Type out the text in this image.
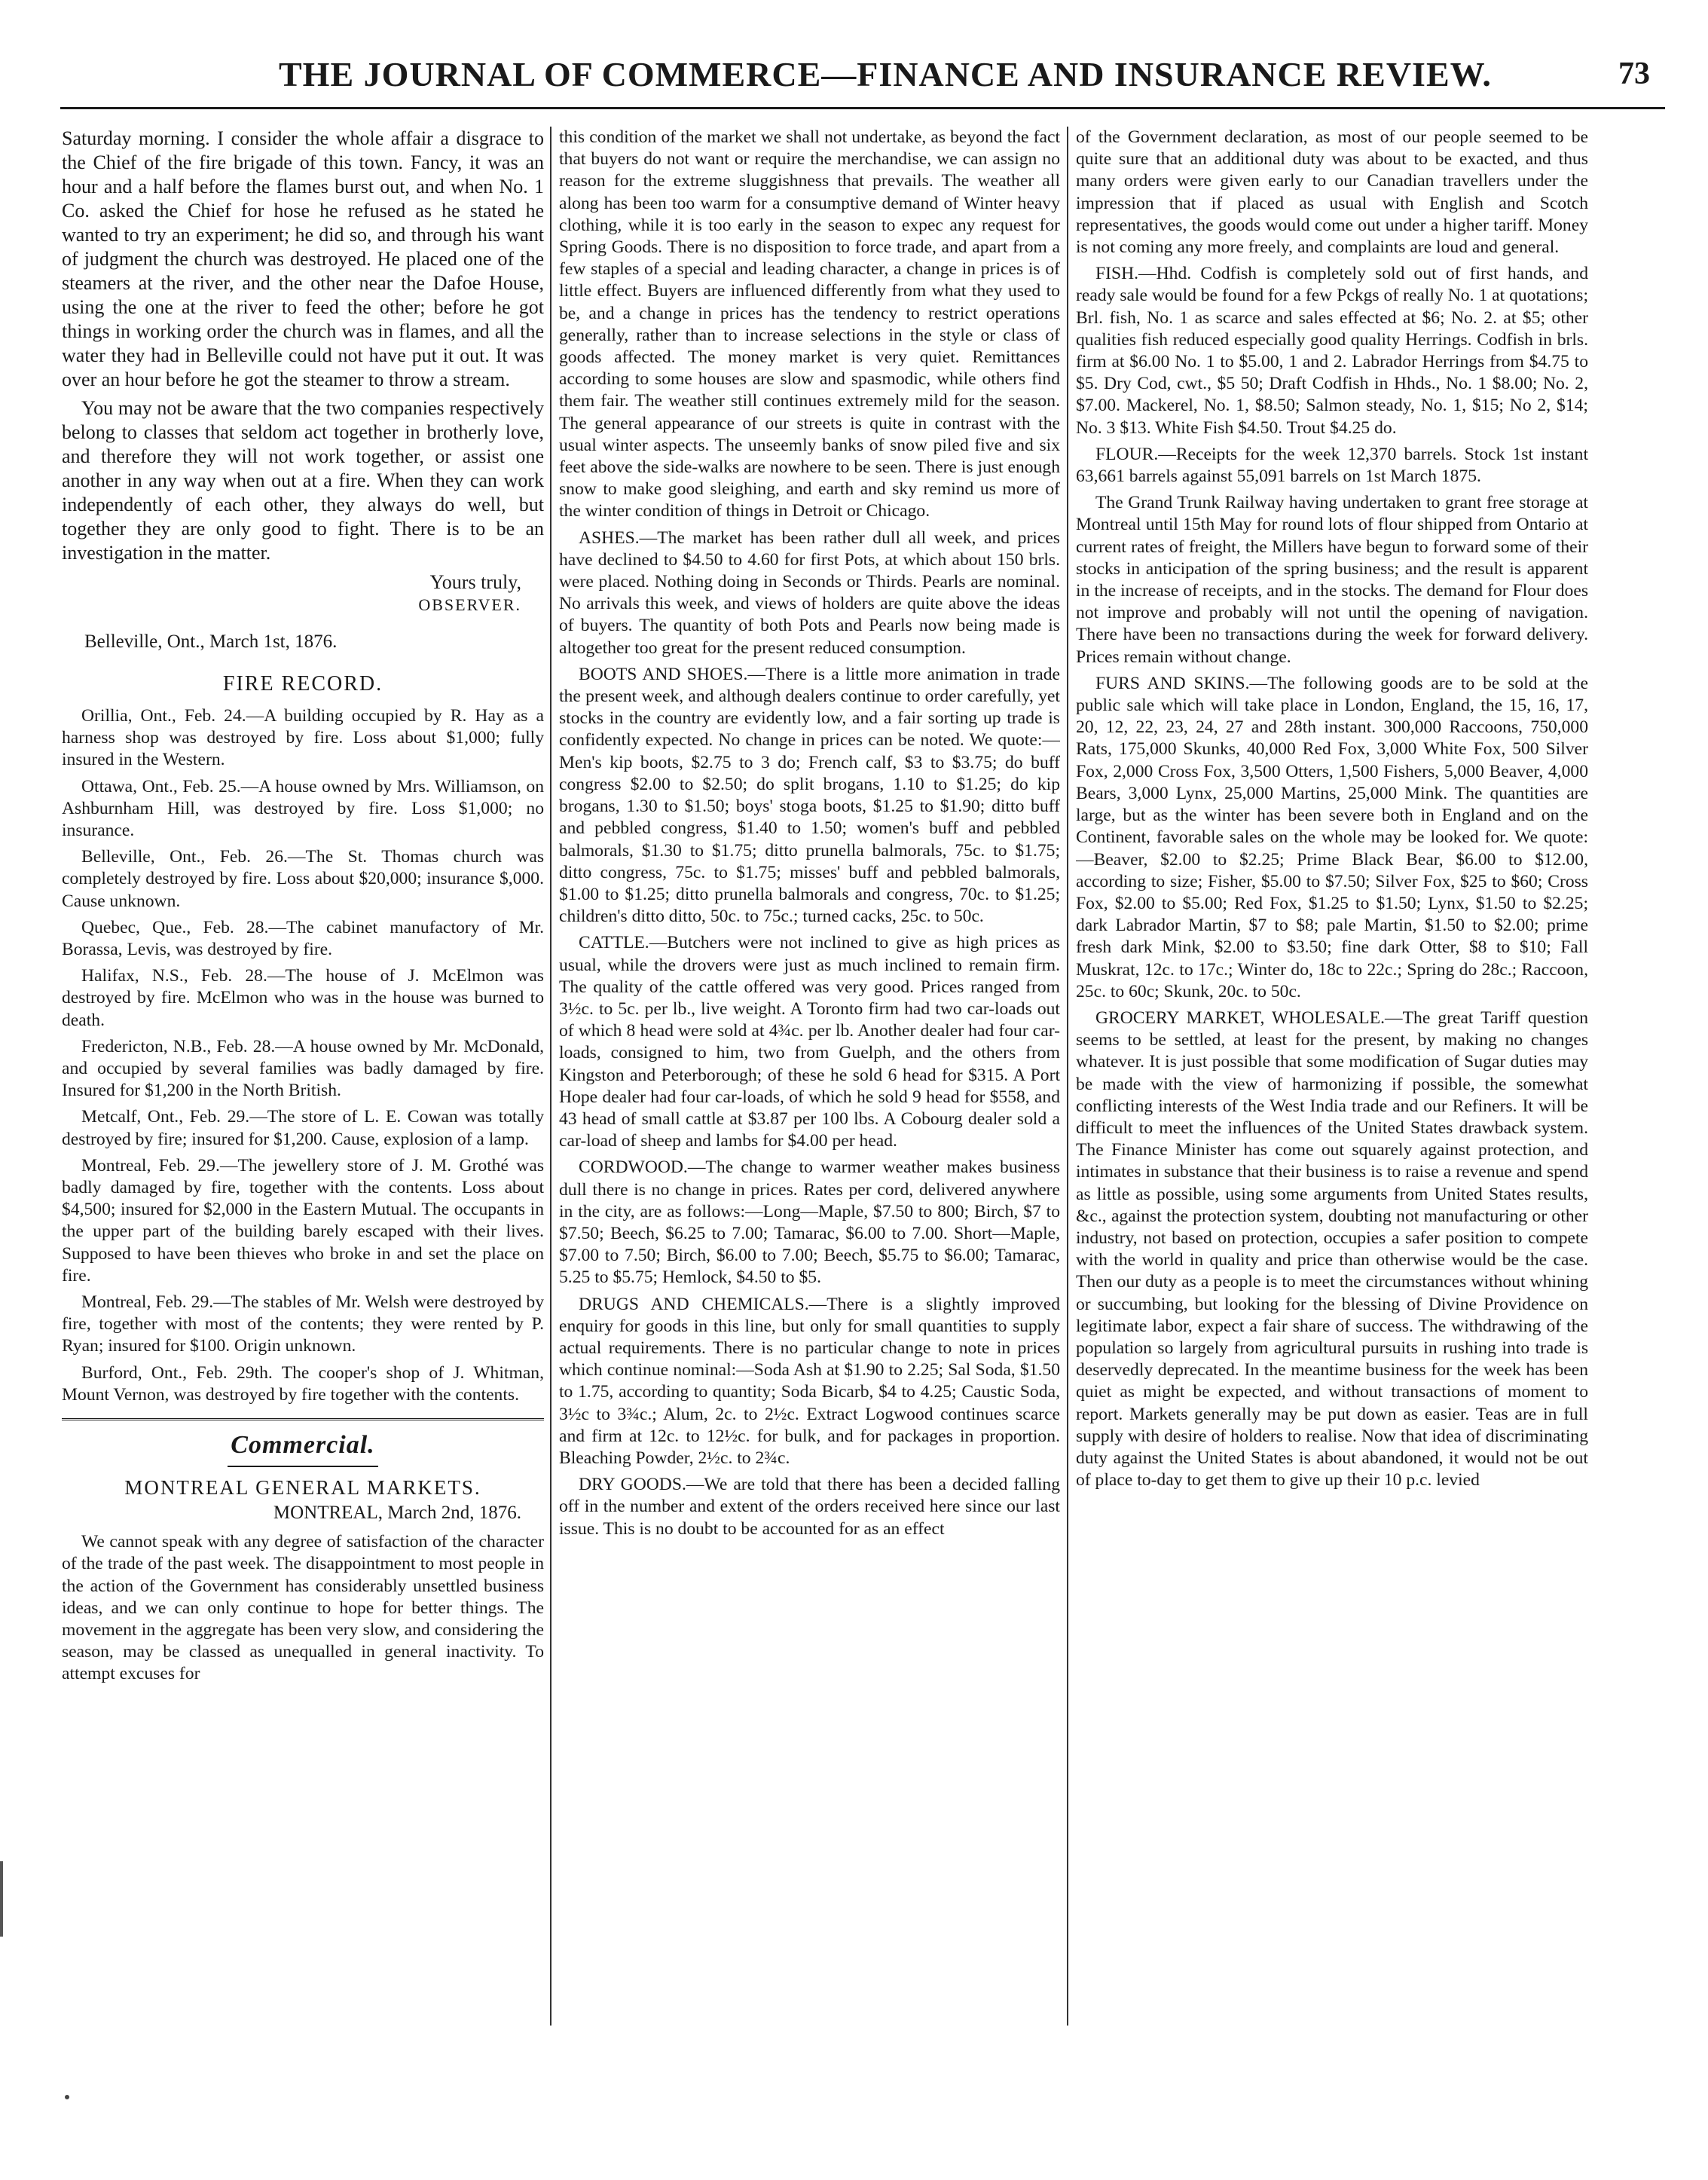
THE JOURNAL OF COMMERCE—FINANCE AND INSURANCE REVIEW.	73

Saturday morning. I consider the whole affair a disgrace to the Chief of the fire brigade of this town. Fancy, it was an hour and a half before the flames burst out, and when No. 1 Co. asked the Chief for hose he refused as he stated he wanted to try an experiment; he did so, and through his want of judgment the church was destroyed. He placed one of the steamers at the river, and the other near the Dafoe House, using the one at the river to feed the other; before he got things in working order the church was in flames, and all the water they had in Belleville could not have put it out. It was over an hour before he got the steamer to throw a stream.

You may not be aware that the two companies respectively belong to classes that seldom act together in brotherly love, and therefore they will not work together, or assist one another in any way when out at a fire. When they can work independently of each other, they always do well, but together they are only good to fight. There is to be an investigation in the matter.

Yours truly,
OBSERVER.
Belleville, Ont., March 1st, 1876.
FIRE RECORD.

Orillia, Ont., Feb. 24.—A building occupied by R. Hay as a harness shop was destroyed by fire. Loss about $1,000; fully insured in the Western.

Ottawa, Ont., Feb. 25.—A house owned by Mrs. Williamson, on Ashburnham Hill, was destroyed by fire. Loss $1,000; no insurance.

Belleville, Ont., Feb. 26.—The St. Thomas church was completely destroyed by fire. Loss about $20,000; insurance $,000. Cause unknown.

Quebec, Que., Feb. 28.—The cabinet manufactory of Mr. Borassa, Levis, was destroyed by fire.

Halifax, N.S., Feb. 28.—The house of J. McElmon was destroyed by fire. McElmon who was in the house was burned to death.

Fredericton, N.B., Feb. 28.—A house owned by Mr. McDonald, and occupied by several families was badly damaged by fire. Insured for $1,200 in the North British.

Metcalf, Ont., Feb. 29.—The store of L. E. Cowan was totally destroyed by fire; insured for $1,200. Cause, explosion of a lamp.

Montreal, Feb. 29.—The jewellery store of J. M. Grothé was badly damaged by fire, together with the contents. Loss about $4,500; insured for $2,000 in the Eastern Mutual. The occupants in the upper part of the building barely escaped with their lives. Supposed to have been thieves who broke in and set the place on fire.

Montreal, Feb. 29.—The stables of Mr. Welsh were destroyed by fire, together with most of the contents; they were rented by P. Ryan; insured for $100. Origin unknown.

Burford, Ont., Feb. 29th. The cooper's shop of J. Whitman, Mount Vernon, was destroyed by fire together with the contents.

Commercial.
MONTREAL GENERAL MARKETS.
MONTREAL, March 2nd, 1876.

We cannot speak with any degree of satisfaction of the character of the trade of the past week. The disappointment to most people in the action of the Government has considerably unsettled business ideas, and we can only continue to hope for better things. The movement in the aggregate has been very slow, and considering the season, may be classed as unequalled in general inactivity. To attempt excuses for

this condition of the market we shall not undertake, as beyond the fact that buyers do not want or require the merchandise, we can assign no reason for the extreme sluggishness that prevails. The weather all along has been too warm for a consumptive demand of Winter heavy clothing, while it is too early in the season to expec any request for Spring Goods. There is no disposition to force trade, and apart from a few staples of a special and leading character, a change in prices is of little effect. Buyers are influenced differently from what they used to be, and a change in prices has the tendency to restrict operations generally, rather than to increase selections in the style or class of goods affected. The money market is very quiet. Remittances according to some houses are slow and spasmodic, while others find them fair. The weather still continues extremely mild for the season. The general appearance of our streets is quite in contrast with the usual winter aspects. The unseemly banks of snow piled five and six feet above the side-walks are nowhere to be seen. There is just enough snow to make good sleighing, and earth and sky remind us more of the winter condition of things in Detroit or Chicago.

ASHES.—The market has been rather dull all week, and prices have declined to $4.50 to 4.60 for first Pots, at which about 150 brls. were placed. Nothing doing in Seconds or Thirds. Pearls are nominal. No arrivals this week, and views of holders are quite above the ideas of buyers. The quantity of both Pots and Pearls now being made is altogether too great for the present reduced consumption.

BOOTS AND SHOES.—There is a little more animation in trade the present week, and although dealers continue to order carefully, yet stocks in the country are evidently low, and a fair sorting up trade is confidently expected. No change in prices can be noted. We quote:—Men's kip boots, $2.75 to 3 do; French calf, $3 to $3.75; do buff congress $2.00 to $2.50; do split brogans, 1.10 to $1.25; do kip brogans, 1.30 to $1.50; boys' stoga boots, $1.25 to $1.90; ditto buff and pebbled congress, $1.40 to 1.50; women's buff and pebbled balmorals, $1.30 to $1.75; ditto prunella balmorals, 75c. to $1.75; ditto congress, 75c. to $1.75; misses' buff and pebbled balmorals, $1.00 to $1.25; ditto prunella balmorals and congress, 70c. to $1.25; children's ditto ditto, 50c. to 75c.; turned cacks, 25c. to 50c.

CATTLE.—Butchers were not inclined to give as high prices as usual, while the drovers were just as much inclined to remain firm. The quality of the cattle offered was very good. Prices ranged from 3½c. to 5c. per lb., live weight. A Toronto firm had two car-loads out of which 8 head were sold at 4¾c. per lb. Another dealer had four car-loads, consigned to him, two from Guelph, and the others from Kingston and Peterborough; of these he sold 6 head for $315. A Port Hope dealer had four car-loads, of which he sold 9 head for $558, and 43 head of small cattle at $3.87 per 100 lbs. A Cobourg dealer sold a car-load of sheep and lambs for $4.00 per head.

CORDWOOD.—The change to warmer weather makes business dull there is no change in prices. Rates per cord, delivered anywhere in the city, are as follows:—Long—Maple, $7.50 to 800; Birch, $7 to $7.50; Beech, $6.25 to 7.00; Tamarac, $6.00 to 7.00. Short—Maple, $7.00 to 7.50; Birch, $6.00 to 7.00; Beech, $5.75 to $6.00; Tamarac, 5.25 to $5.75; Hemlock, $4.50 to $5.

DRUGS AND CHEMICALS.—There is a slightly improved enquiry for goods in this line, but only for small quantities to supply actual requirements. There is no particular change to note in prices which continue nominal:—Soda Ash at $1.90 to 2.25; Sal Soda, $1.50 to 1.75, according to quantity; Soda Bicarb, $4 to 4.25; Caustic Soda, 3½c to 3¾c.; Alum, 2c. to 2½c. Extract Logwood continues scarce and firm at 12c. to 12½c. for bulk, and for packages in proportion. Bleaching Powder, 2½c. to 2¾c.

DRY GOODS.—We are told that there has been a decided falling off in the number and extent of the orders received here since our last issue. This is no doubt to be accounted for as an effect

of the Government declaration, as most of our people seemed to be quite sure that an additional duty was about to be exacted, and thus many orders were given early to our Canadian travellers under the impression that if placed as usual with English and Scotch representatives, the goods would come out under a higher tariff. Money is not coming any more freely, and complaints are loud and general.

FISH.—Hhd. Codfish is completely sold out of first hands, and ready sale would be found for a few Pckgs of really No. 1 at quotations; Brl. fish, No. 1 as scarce and sales effected at $6; No. 2. at $5; other qualities fish reduced especially good quality Herrings. Codfish in brls. firm at $6.00 No. 1 to $5.00, 1 and 2. Labrador Herrings from $4.75 to $5. Dry Cod, cwt., $5 50; Draft Codfish in Hhds., No. 1 $8.00; No. 2, $7.00. Mackerel, No. 1, $8.50; Salmon steady, No. 1, $15; No 2, $14; No. 3 $13. White Fish $4.50. Trout $4.25 do.

FLOUR.—Receipts for the week 12,370 barrels. Stock 1st instant 63,661 barrels against 55,091 barrels on 1st March 1875.

The Grand Trunk Railway having undertaken to grant free storage at Montreal until 15th May for round lots of flour shipped from Ontario at current rates of freight, the Millers have begun to forward some of their stocks in anticipation of the spring business; and the result is apparent in the increase of receipts, and in the stocks. The demand for Flour does not improve and probably will not until the opening of navigation. There have been no transactions during the week for forward delivery. Prices remain without change.

FURS AND SKINS.—The following goods are to be sold at the public sale which will take place in London, England, the 15, 16, 17, 20, 12, 22, 23, 24, 27 and 28th instant. 300,000 Raccoons, 750,000 Rats, 175,000 Skunks, 40,000 Red Fox, 3,000 White Fox, 500 Silver Fox, 2,000 Cross Fox, 3,500 Otters, 1,500 Fishers, 5,000 Beaver, 4,000 Bears, 3,000 Lynx, 25,000 Martins, 25,000 Mink. The quantities are large, but as the winter has been severe both in England and on the Continent, favorable sales on the whole may be looked for. We quote:—Beaver, $2.00 to $2.25; Prime Black Bear, $6.00 to $12.00, according to size; Fisher, $5.00 to $7.50; Silver Fox, $25 to $60; Cross Fox, $2.00 to $5.00; Red Fox, $1.25 to $1.50; Lynx, $1.50 to $2.25; dark Labrador Martin, $7 to $8; pale Martin, $1.50 to $2.00; prime fresh dark Mink, $2.00 to $3.50; fine dark Otter, $8 to $10; Fall Muskrat, 12c. to 17c.; Winter do, 18c to 22c.; Spring do 28c.; Raccoon, 25c. to 60c; Skunk, 20c. to 50c.

GROCERY MARKET, WHOLESALE.—The great Tariff question seems to be settled, at least for the present, by making no changes whatever. It is just possible that some modification of Sugar duties may be made with the view of harmonizing if possible, the somewhat conflicting interests of the West India trade and our Refiners. It will be difficult to meet the influences of the United States drawback system. The Finance Minister has come out squarely against protection, and intimates in substance that their business is to raise a revenue and spend as little as possible, using some arguments from United States results, &c., against the protection system, doubting not manufacturing or other industry, not based on protection, occupies a safer position to compete with the world in quality and price than otherwise would be the case. Then our duty as a people is to meet the circumstances without whining or succumbing, but looking for the blessing of Divine Providence on legitimate labor, expect a fair share of success. The withdrawing of the population so largely from agricultural pursuits in rushing into trade is deservedly deprecated. In the meantime business for the week has been quiet as might be expected, and without transactions of moment to report. Markets generally may be put down as easier. Teas are in full supply with desire of holders to realise. Now that idea of discriminating duty against the United States is about abandoned, it would not be out of place to-day to get them to give up their 10 p.c. levied
